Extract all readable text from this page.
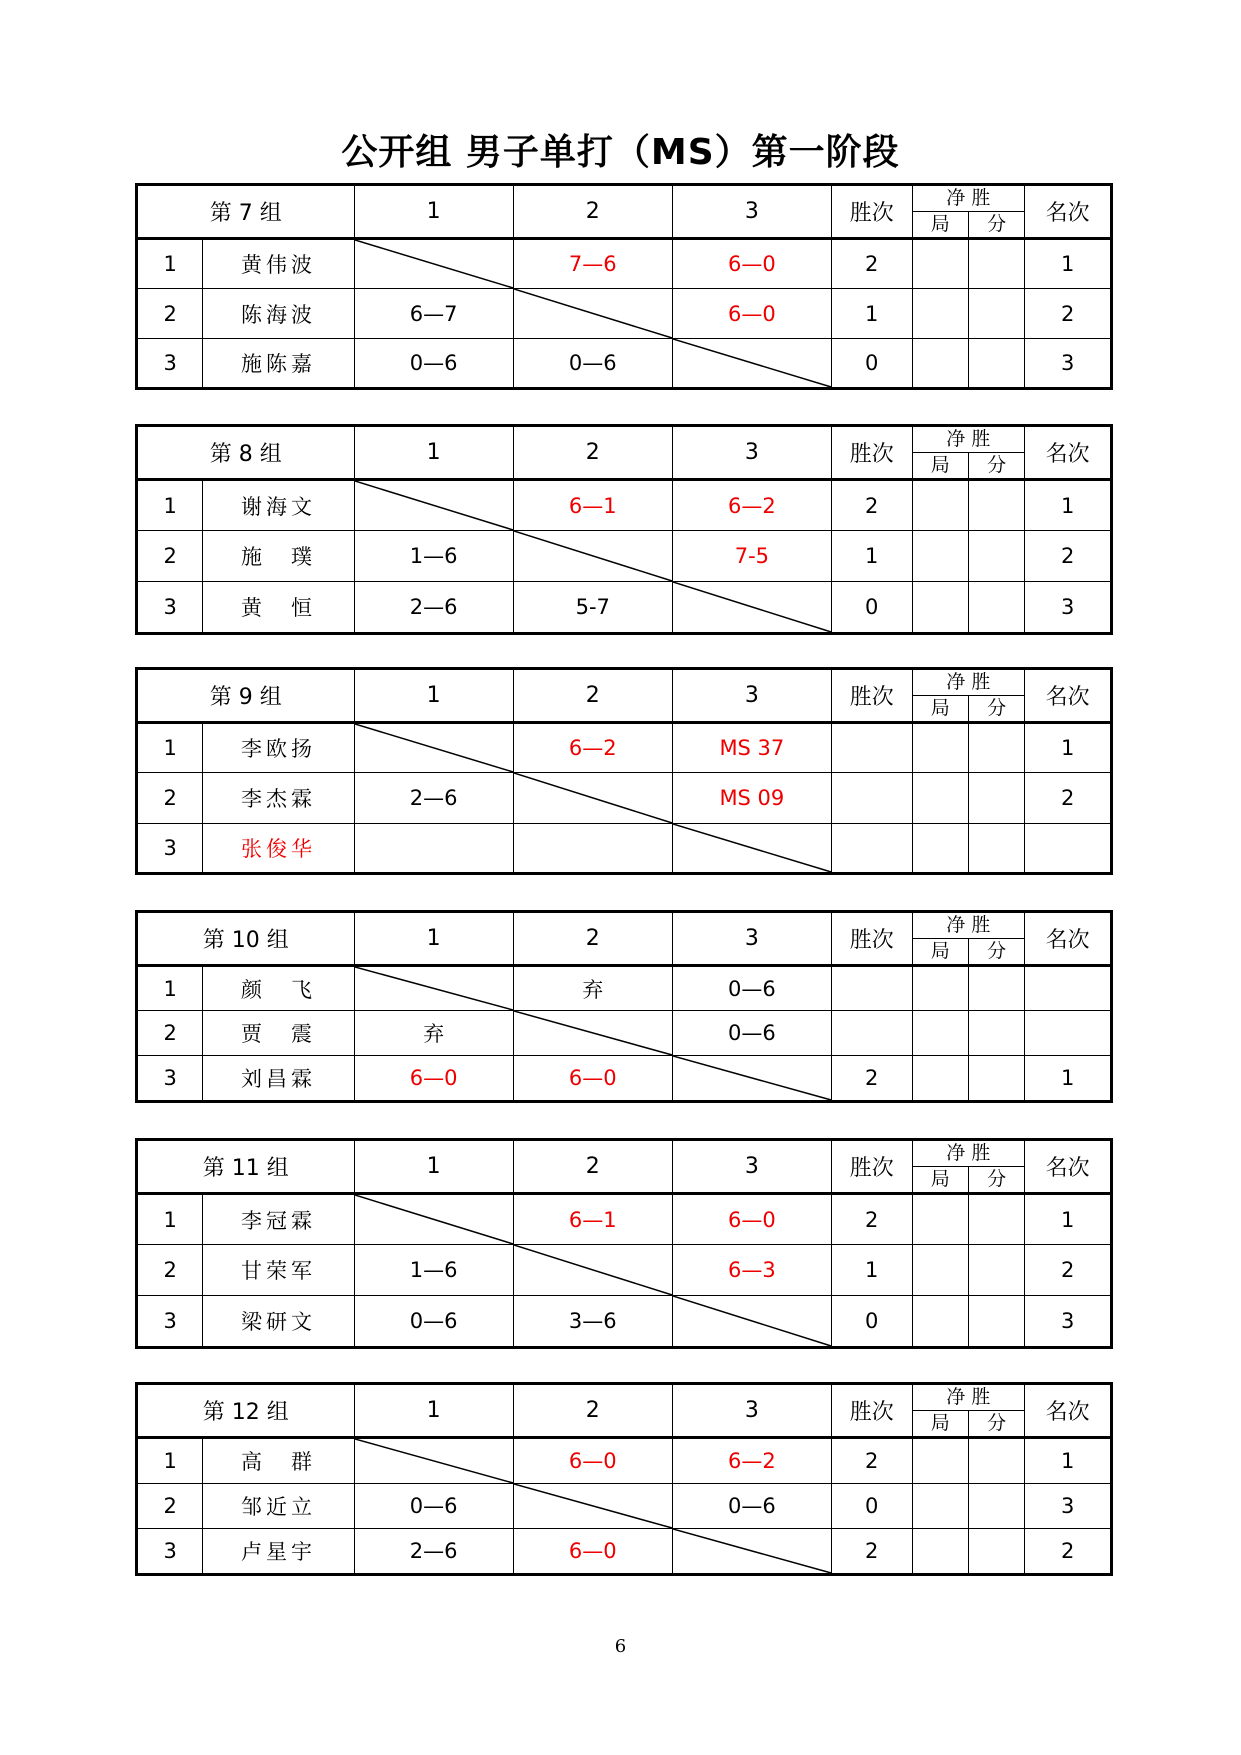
公开组 男子单打（MS）第一阶段
第 7 组		1	2	3	胜次	净 胜		名次
						局	分	
1	黄伟波		7—6	6—0	2			1
2	陈海波	6—7		6—0	1			2
3	施陈嘉	0—6	0—6		0			3
第 8 组		1	2	3	胜次	净 胜		名次
						局	分	
1	谢海文		6—1	6—2	2			1
2	施　璞	1—6		7-5	1			2
3	黄　恒	2—6	5-7		0			3
第 9 组		1	2	3	胜次	净 胜		名次
						局	分	
1	李欧扬		6—2	MS 37				1
2	李杰霖	2—6		MS 09				2
3	张俊华			

第 10 组		1	2	3	胜次	净 胜		名次
						局	分	
1	颜　飞		弃	0—6				
2	贾　震	弃		0—6				
3	刘昌霖	6—0	6—0		2			1
第 11 组		1	2	3	胜次	净 胜		名次
						局	分	
1	李冠霖		6—1	6—0	2			1
2	甘荣军	1—6		6—3	1			2
3	梁研文	0—6	3—6		0			3
第 12 组		1	2	3	胜次	净 胜		名次
						局	分	
1	高　群		6—0	6—2	2			1
2	邹近立	0—6		0—6	0			3
3	卢星宇	2—6	6—0		2			2
6
